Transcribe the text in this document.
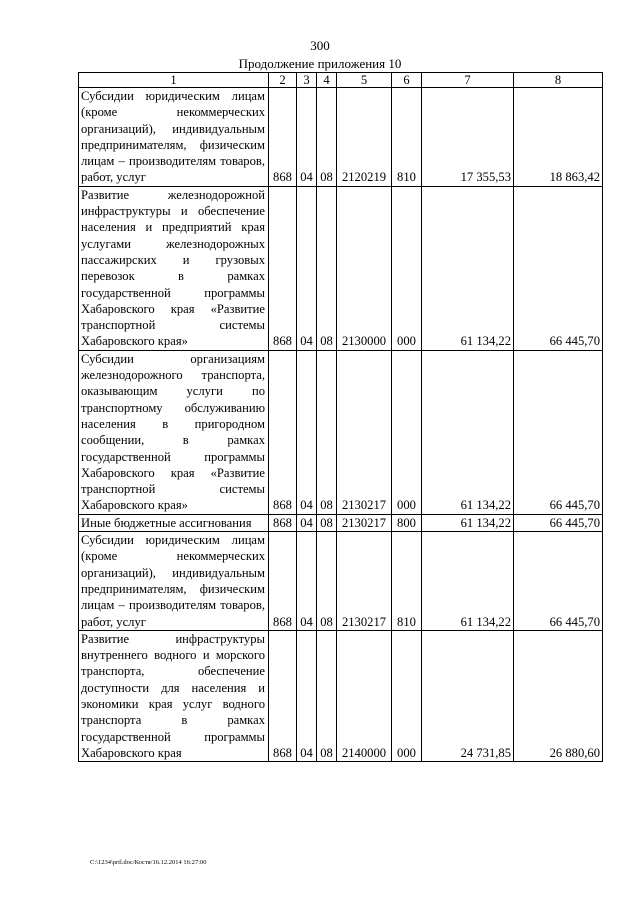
300
Продолжение приложения 10
1	2	3	4	5	6	7	8
Субсидии юридическим лицам (кроме некоммерческих организаций), индивидуальным предпринимателям, физическим лицам – производителям товаров, работ, услуг	868	04	08	2120219	810	17 355,53	18 863,42
Развитие железнодорожной инфраструктуры и обеспечение населения и предприятий края услугами железнодорожных пассажирских и грузовых перевозок в рамках государственной программы Хабаровского края «Развитие транспортной системы Хабаровского края»	868	04	08	2130000	000	61 134,22	66 445,70
Субсидии организациям железнодорожного транспорта, оказывающим услуги по транспортному обслуживанию населения в пригородном сообщении, в рамках государственной программы Хабаровского края «Развитие транспортной системы Хабаровского края»	868	04	08	2130217	000	61 134,22	66 445,70
Иные бюджетные ассигнования	868	04	08	2130217	800	61 134,22	66 445,70
Субсидии юридическим лицам (кроме некоммерческих организаций), индивидуальным предпринимателям, физическим лицам – производителям товаров, работ, услуг	868	04	08	2130217	810	61 134,22	66 445,70
Развитие инфраструктуры внутреннего водного и морского транспорта, обеспечение доступности для населения и экономики края услуг водного транспорта в рамках государственной программы Хабаровского края	868	04	08	2140000	000	24 731,85	26 880,60
C:\1234\pril.doc/Костя/16.12.2014 16:27:00
